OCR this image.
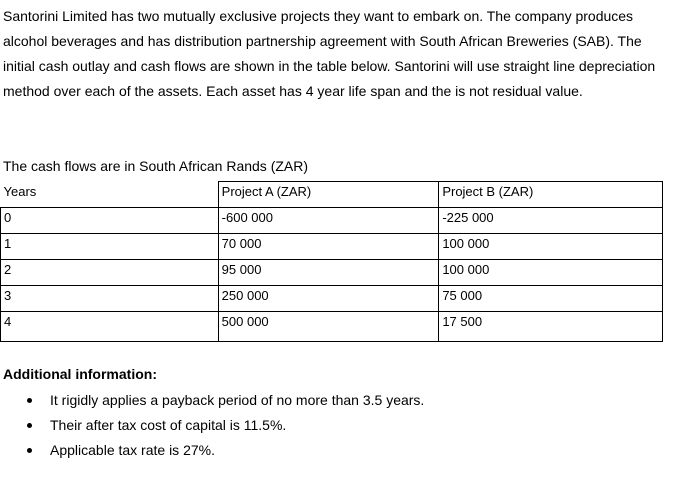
Santorini Limited has two mutually exclusive projects they want to embark on. The company produces alcohol beverages and has distribution partnership agreement with South African Breweries (SAB). The initial cash outlay and cash flows are shown in the table below. Santorini will use straight line depreciation method over each of the assets. Each asset has 4 year life span and the is not residual value.

The cash flows are in South African Rands (ZAR)

Years	Project A (ZAR)	Project B (ZAR)
0	-600 000	-225 000
1	70 000	100 000
2	95 000	100 000
3	250 000	75 000
4	500 000	17 500

Additional information:

It rigidly applies a payback period of no more than 3.5 years.
Their after tax cost of capital is 11.5%.
Applicable tax rate is 27%.
